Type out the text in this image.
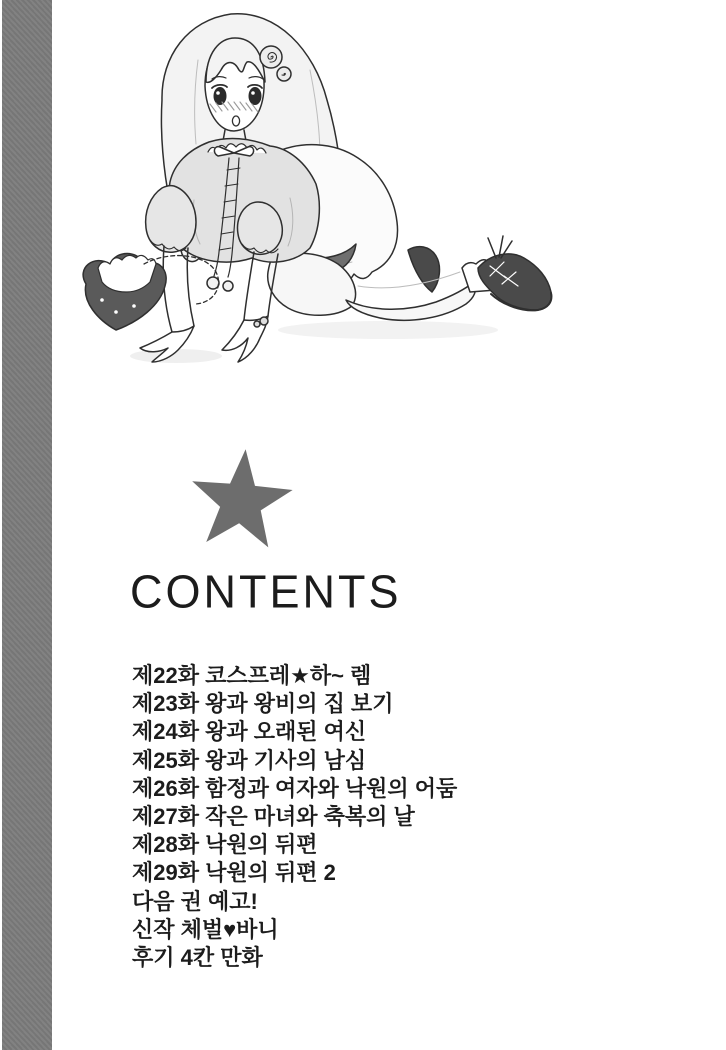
CONTENTS
제22화 코스프레★하~ 렘
제23화 왕과 왕비의 집 보기
제24화 왕과 오래된 여신
제25화 왕과 기사의 남심
제26화 함정과 여자와 낙원의 어둠
제27화 작은 마녀와 축복의 날
제28화 낙원의 뒤편
제29화 낙원의 뒤편 2
다음 권 예고!
신작 체벌♥바니
후기 4칸 만화
